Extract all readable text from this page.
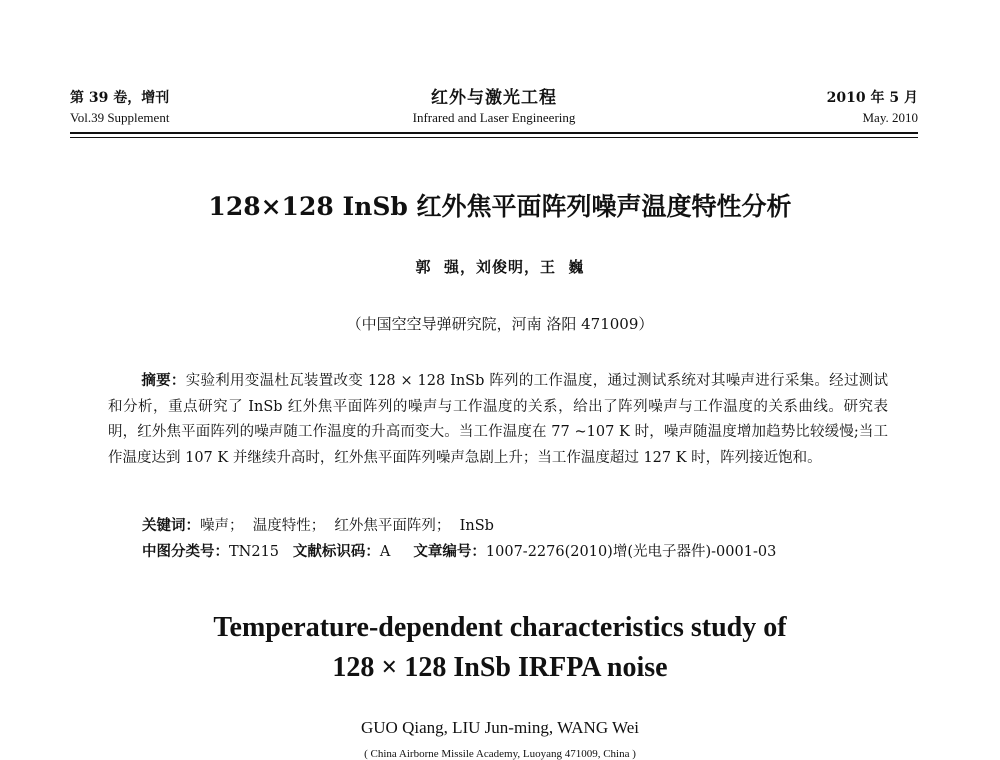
第 39 卷，增刊
Vol.39 Supplement
红外与激光工程
Infrared and Laser Engineering
2010 年 5 月
May. 2010
128×128 InSb 红外焦平面阵列噪声温度特性分析
郭  强，刘俊明，王  巍
（中国空空导弹研究院，河南 洛阳 471009）
摘要：实验利用变温杜瓦装置改变 128 × 128 InSb 阵列的工作温度，通过测试系统对其噪声进行采集。经过测试和分析，重点研究了 InSb 红外焦平面阵列的噪声与工作温度的关系，给出了阵列噪声与工作温度的关系曲线。研究表明，红外焦平面阵列的噪声随工作温度的升高而变大。当工作温度在 77 ~107 K 时，噪声随温度增加趋势比较缓慢;当工作温度达到 107 K 并继续升高时，红外焦平面阵列噪声急剧上升；当工作温度超过 127 K 时，阵列接近饱和。
关键词：噪声；  温度特性；  红外焦平面阵列；  InSb
中图分类号：TN215 文献标识码：A 文章编号：1007-2276(2010)增(光电子器件)-0001-03
Temperature-dependent characteristics study of
128 × 128 InSb IRFPA noise
GUO Qiang, LIU Jun-ming, WANG Wei
( China Airborne Missile Academy, Luoyang 471009, China )
